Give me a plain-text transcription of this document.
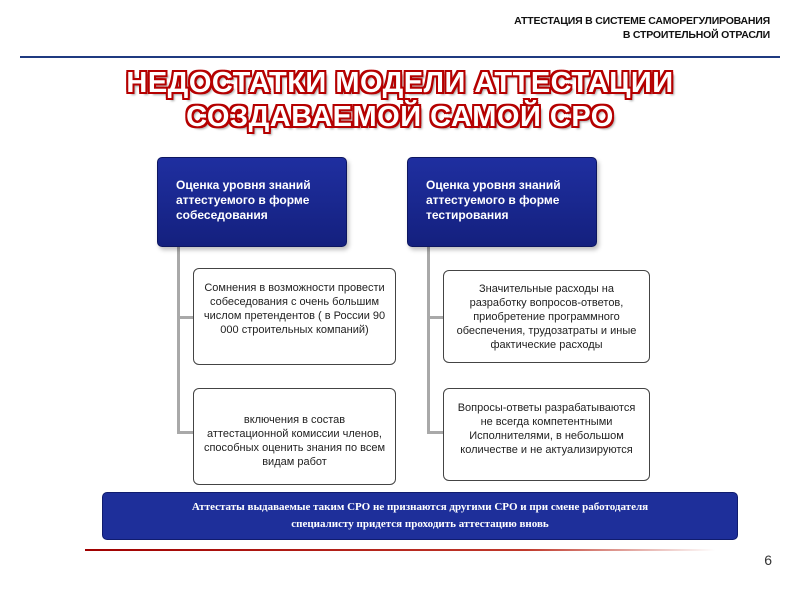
АТТЕСТАЦИЯ В СИСТЕМЕ САМОРЕГУЛИРОВАНИЯ
В СТРОИТЕЛЬНОЙ ОТРАСЛИ
НЕДОСТАТКИ МОДЕЛИ АТТЕСТАЦИИ
СОЗДАВАЕМОЙ САМОЙ СРО
Оценка уровня знаний аттестуемого в форме собеседования
Оценка уровня знаний аттестуемого в форме тестирования
Сомнения в возможности провести собеседования с очень большим числом претендентов ( в России 90 000 строительных компаний)
включения в состав аттестационной комиссии членов, способных оценить знания по всем видам работ
Значительные расходы на разработку вопросов-ответов, приобретение программного обеспечения, трудозатраты и иные фактические расходы
Вопросы-ответы разрабатываются не всегда компетентными Исполнителями, в небольшом количестве и не актуализируются
Аттестаты выдаваемые таким СРО не признаются другими СРО и при смене работодателя
специалисту придется проходить аттестацию вновь
6
